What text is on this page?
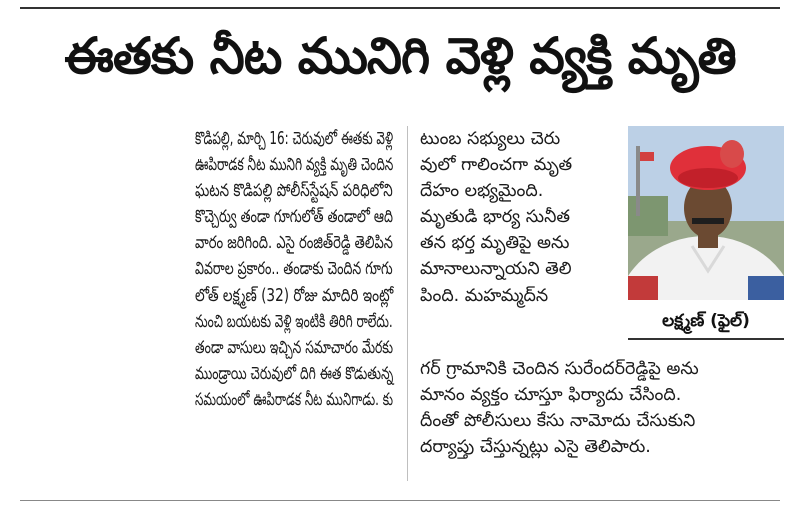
ఈతకు నీట మునిగి వెళ్లి వ్యక్తి మృతి
కొడిపల్లి, మార్చి 16: చెరువులో ఈతకు వెళ్లి
ఊపిరాడక నీట మునిగి వ్యక్తి మృతి చెందిన
ఘటన కొడిపల్లి పోలీస్‌స్టేషన్ పరిధిలోని
కొచ్చెర్వు తండా గూగులోత్ తండాలో ఆది
వారం జరిగింది. ఎసై రంజిత్‌రెడ్డి తెలిపిన
వివరాల ప్రకారం.. తండాకు చెందిన గూగు
లోత్ లక్ష్మణ్ (32) రోజు మాదిరి ఇంట్లో
నుంచి బయటకు వెళ్లి ఇంటికి తిరిగి రాలేదు.
తండా వాసులు ఇచ్చిన సమాచారం మేరకు
ముండ్రాయి చెరువులో దిగి ఈత కొడుతున్న
సమయంలో ఊపిరాడక నీట మునిగాడు. కు
టుంబ సభ్యులు చెరు
వులో గాలించగా మృత
దేహం లభ్యమైంది.
మృతుడి భార్య సునీత
తన భర్త మృతిపై అను
మానాలున్నాయని తెలి
పింది. మహమ్మద్‌న
లక్ష్మణ్ (ఫైల్)
గర్ గ్రామానికి చెందిన సురేందర్‌రెడ్డిపై అను
మానం వ్యక్తం చూస్తూ ఫిర్యాదు చేసింది.
దీంతో పోలీసులు కేసు నామోదు చేసుకుని
దర్యాప్తు చేస్తున్నట్లు ఎసై తెలిపారు.
